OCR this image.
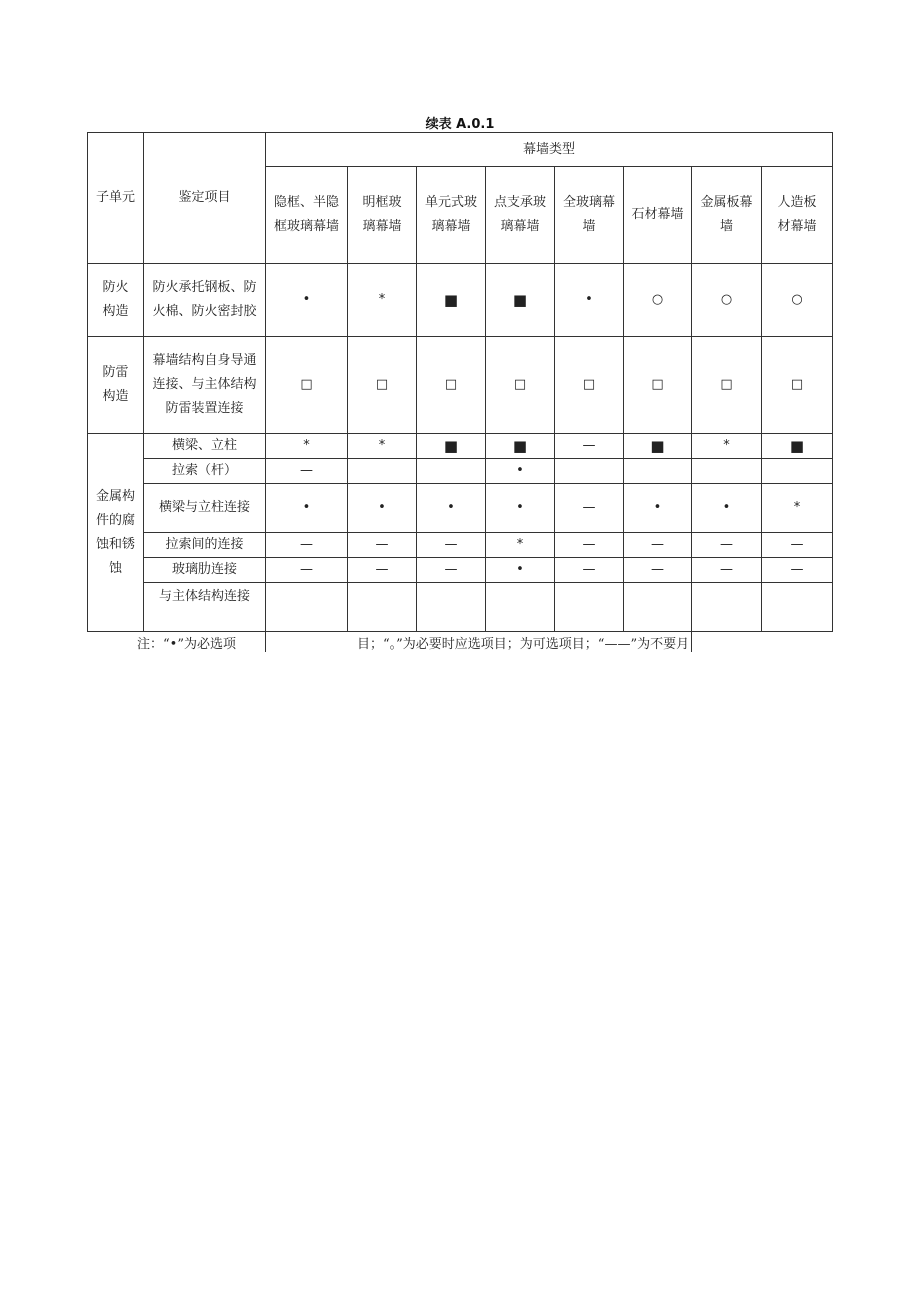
续表 A.0.1
子单元	鉴定项目	幕墙类型							
		隐框、半隐框玻璃幕墙	明框玻璃幕墙	单元式玻璃幕墙	点支承玻璃幕墙	全玻璃幕墙	石材幕墙	金属板幕墙	人造板材幕墙
防火构造	防火承托钢板、防火棉、防火密封胶	•	*	■	■	•	○	○	○
防雷构造	幕墙结构自身导通连接、与主体结构防雷装置连接	□	□	□	□	□	□	□	□
金属构件的腐蚀和锈蚀	横梁、立柱	*	*	■	■	—	■	*	■
	拉索（杆）	—			•				
	横梁与立柱连接	•	•	•	•	—	•	•	*
	拉索间的连接	—	—	—	*	—	—	—	—
	玻璃肋连接	—	—	—	•	—	—	—	—
	与主体结构连接								
注：“•”为必选项	目；“。”为必要时应选项目；为可选项目；“——”为不要月
